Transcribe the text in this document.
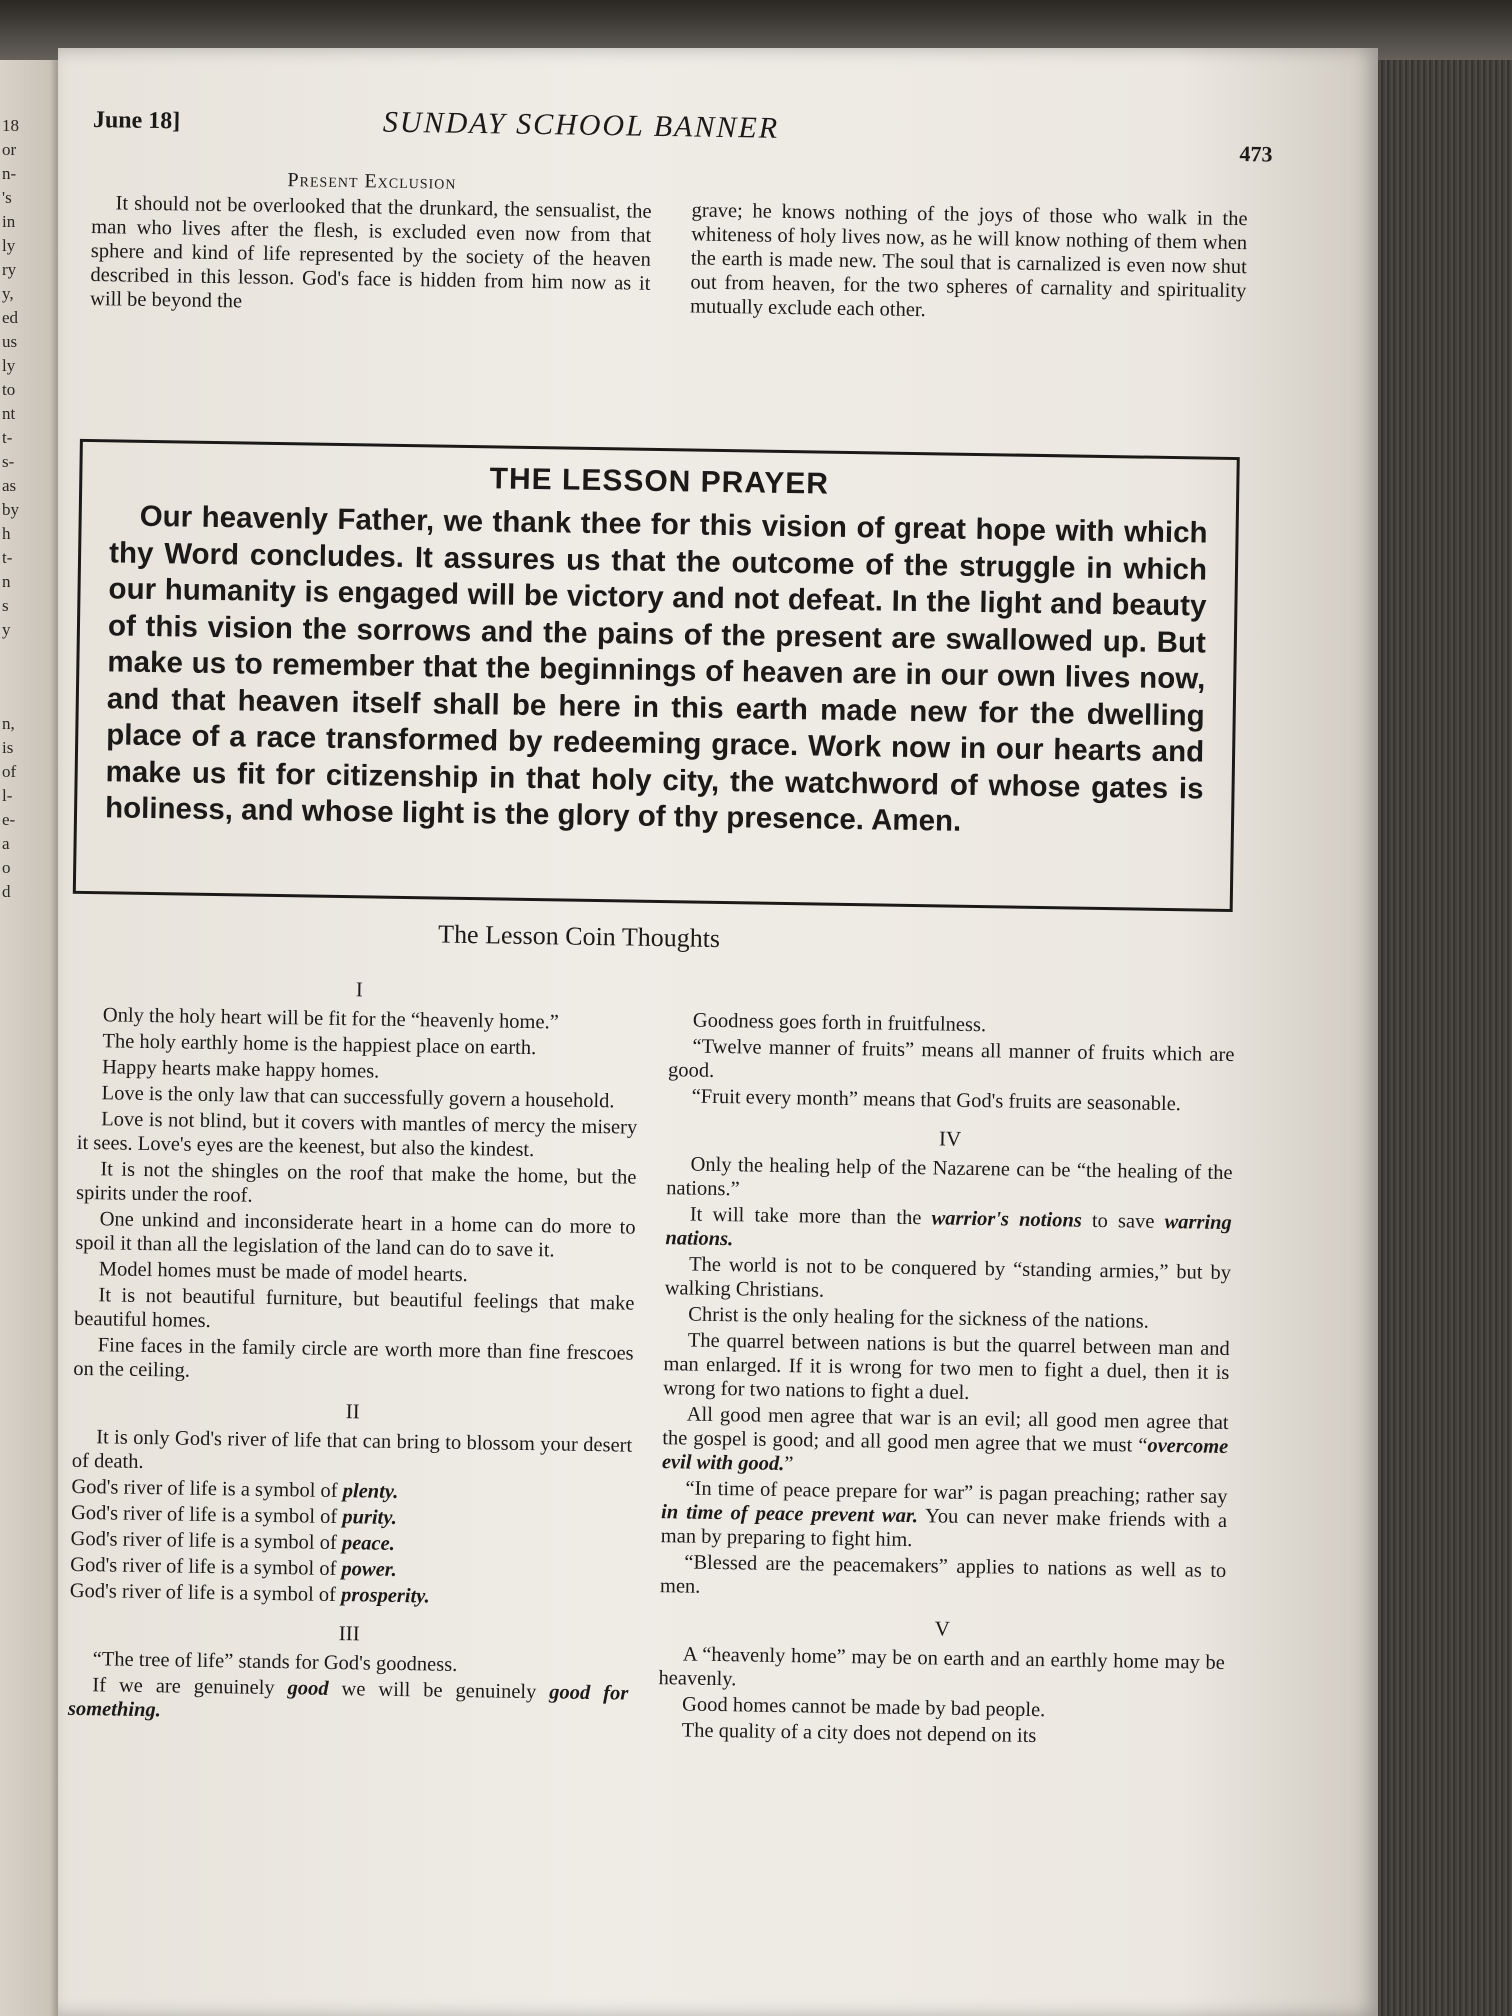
18
or
n-
's
in
ly
ry
y,
ed
us
ly
to
nt
t-
s-
as
by
h
t-
n
s
y
n,
is
of
l-
e-
a
o
d
June 18]	SUNDAY SCHOOL BANNER
473
Present Exclusion

It should not be overlooked that the drunkard, the sensualist, the man who lives after the flesh, is excluded even now from that sphere and kind of life represented by the society of the heaven described in this lesson. God's face is hidden from him now as it will be beyond the

grave; he knows nothing of the joys of those who walk in the whiteness of holy lives now, as he will know nothing of them when the earth is made new. The soul that is carnalized is even now shut out from heaven, for the two spheres of carnality and spirituality mutually exclude each other.

THE LESSON PRAYER
Our heavenly Father, we thank thee for this vision of great hope with which thy Word concludes. It assures us that the outcome of the struggle in which our humanity is engaged will be victory and not defeat. In the light and beauty of this vision the sorrows and the pains of the present are swallowed up. But make us to remember that the beginnings of heaven are in our own lives now, and that heaven itself shall be here in this earth made new for the dwelling place of a race transformed by redeeming grace. Work now in our hearts and make us fit for citizenship in that holy city, the watchword of whose gates is holiness, and whose light is the glory of thy presence. Amen.
The Lesson Coin Thoughts
I

Only the holy heart will be fit for the “heavenly home.”

The holy earthly home is the happiest place on earth.

Happy hearts make happy homes.

Love is the only law that can successfully govern a household.

Love is not blind, but it covers with mantles of mercy the misery it sees. Love's eyes are the keenest, but also the kindest.

It is not the shingles on the roof that make the home, but the spirits under the roof.

One unkind and inconsiderate heart in a home can do more to spoil it than all the legislation of the land can do to save it.

Model homes must be made of model hearts.

It is not beautiful furniture, but beautiful feelings that make beautiful homes.

Fine faces in the family circle are worth more than fine frescoes on the ceiling.

II

It is only God's river of life that can bring to blossom your desert of death.

God's river of life is a symbol of plenty.

God's river of life is a symbol of purity.

God's river of life is a symbol of peace.

God's river of life is a symbol of power.

God's river of life is a symbol of prosperity.

III

“The tree of life” stands for God's goodness.

If we are genuinely good we will be genuinely good for something.

Goodness goes forth in fruitfulness.

“Twelve manner of fruits” means all manner of fruits which are good.

“Fruit every month” means that God's fruits are seasonable.

IV

Only the healing help of the Nazarene can be “the healing of the nations.”

It will take more than the warrior's notions to save warring nations.

The world is not to be conquered by “standing armies,” but by walking Christians.

Christ is the only healing for the sickness of the nations.

The quarrel between nations is but the quarrel between man and man enlarged. If it is wrong for two men to fight a duel, then it is wrong for two nations to fight a duel.

All good men agree that war is an evil; all good men agree that the gospel is good; and all good men agree that we must “overcome evil with good.”

“In time of peace prepare for war” is pagan preaching; rather say in time of peace prevent war. You can never make friends with a man by preparing to fight him.

“Blessed are the peacemakers” applies to nations as well as to men.

V

A “heavenly home” may be on earth and an earthly home may be heavenly.

Good homes cannot be made by bad people.

The quality of a city does not depend on its
